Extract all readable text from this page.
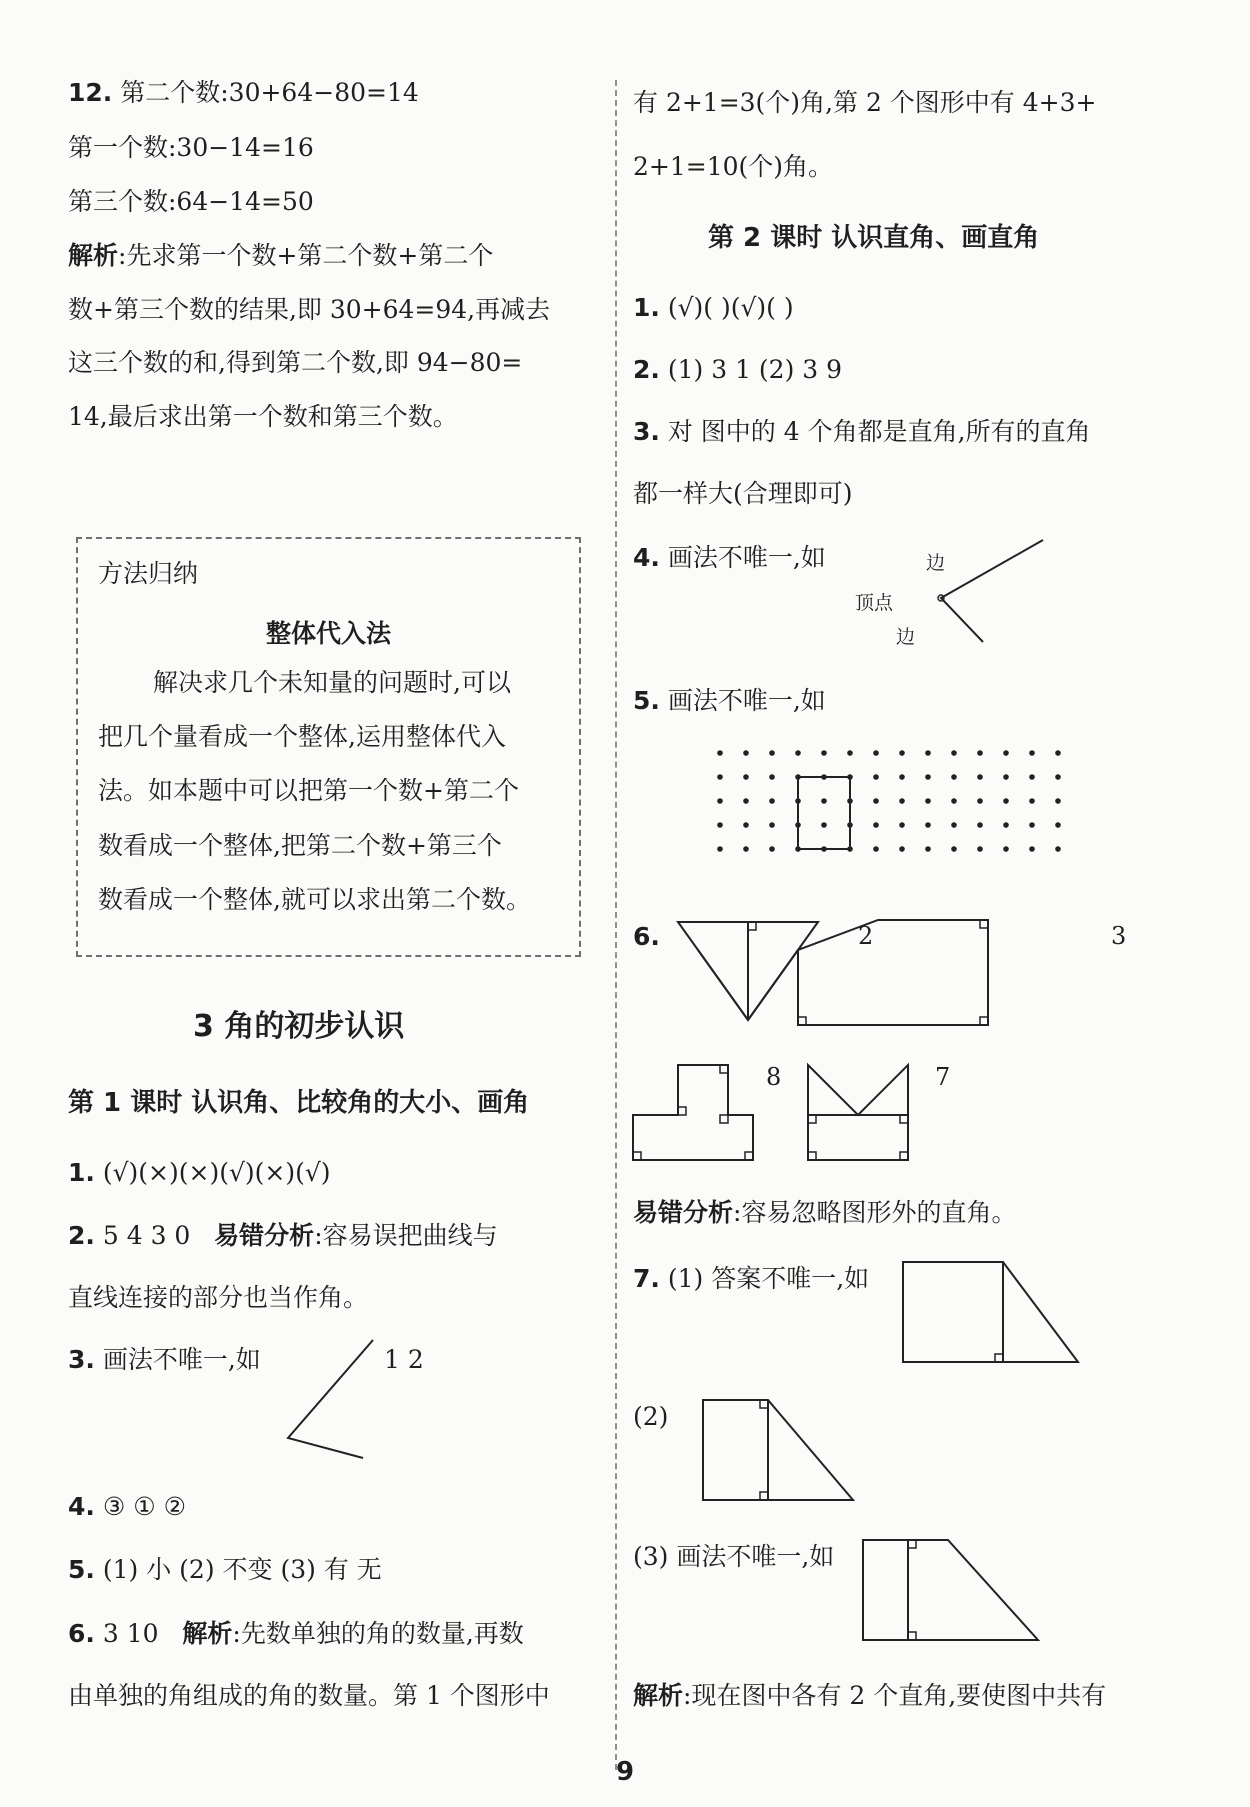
12. 第二个数:30+64−80=14
第一个数:30−14=16
第三个数:64−14=50
解析:先求第一个数+第二个数+第二个
数+第三个数的结果,即 30+64=94,再减去
这三个数的和,得到第二个数,即 94−80=
14,最后求出第一个数和第三个数。
方法归纳
整体代入法
解决求几个未知量的问题时,可以
把几个量看成一个整体,运用整体代入
法。如本题中可以把第一个数+第二个
数看成一个整体,把第二个数+第三个
数看成一个整体,就可以求出第二个数。
3 角的初步认识
第 1 课时 认识角、比较角的大小、画角
1. (√)(×)(×)(√)(×)(√)
2. 5 4 3 0 易错分析:容易误把曲线与
直线连接的部分也当作角。
3. 画法不唯一,如	1 2
4. ③ ① ②
5. (1) 小 (2) 不变 (3) 有 无
6. 3 10 解析:先数单独的角的数量,再数
由单独的角组成的角的数量。第 1 个图形中
有 2+1=3(个)角,第 2 个图形中有 4+3+
2+1=10(个)角。
第 2 课时 认识直角、画直角
1. (√)( )(√)( )
2. (1) 3 1 (2) 3 9
3. 对 图中的 4 个角都是直角,所有的直角
都一样大(合理即可)
4. 画法不唯一,如	边
顶点
边
5. 画法不唯一,如
6.	2	3
8	7
易错分析:容易忽略图形外的直角。
7. (1) 答案不唯一,如
(2)
(3) 画法不唯一,如
解析:现在图中各有 2 个直角,要使图中共有
9
